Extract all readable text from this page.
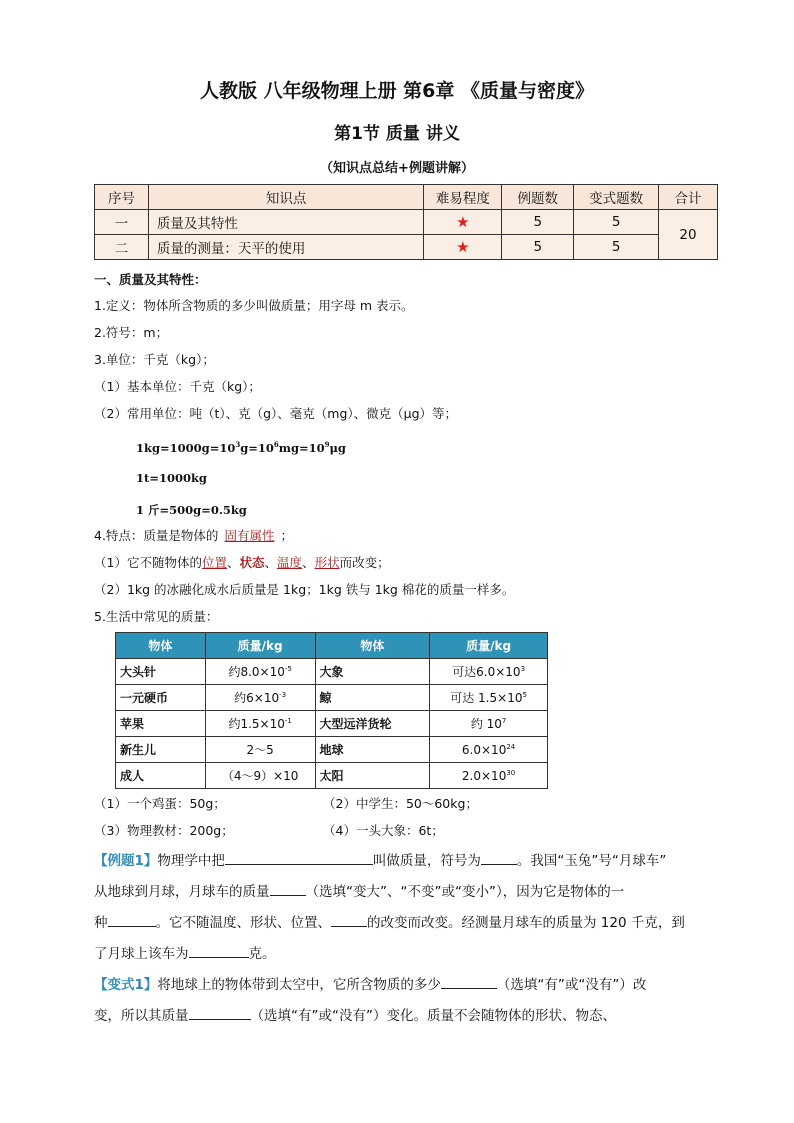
人教版 八年级物理上册 第6章 《质量与密度》
第1节 质量 讲义
（知识点总结+例题讲解）
序号	知识点	难易程度	例题数	变式题数	合计
一	质量及其特性	★	5	5	20
二	质量的测量：天平的使用	★	5	5	
一、质量及其特性：
1.定义：物体所含物质的多少叫做质量；用字母 m 表示。
2.符号：m；
3.单位：千克（kg）；
（1）基本单位：千克（kg）；
（2）常用单位：吨（t）、克（g）、毫克（mg）、微克（μg）等；
$1kg=1000g=10^3g=10^6mg=10^9\mu g$
1t=1000kg
1 斤=500g=0.5kg
4.特点：质量是物体的 固有属性 ；
（1）它不随物体的位置、状态、温度、形状而改变；
（2）1kg 的冰融化成水后质量是 1kg；1kg 铁与 1kg 棉花的质量一样多。
5.生活中常见的质量：
物体	质量/kg	物体	质量/kg
大头针	约$8.0\times 10^{-5}$	大象	可达$6.0\times 10^3$
一元硬币	约$6\times 10^{-3}$	鲸	可达 $1.5\times 10^5$
苹果	约$1.5\times 10^{-1}$	大型远洋货轮	约 $10^7$
新生儿	2～5	地球	$6.0\times 10^{24}$
成人	（4～9）×10	太阳	$2.0\times 10^{30}$
（1）一个鸡蛋：50g；	（2）中学生：50～60kg；
（3）物理教材：200g；	（4）一头大象：6t；
【例题1】物理学中把	叫做质量，符号为	。我国“玉兔”号“月球车”
从地球到月球，月球车的质量	（选填“变大”、“不变”或“变小”），因为它是物体的一
种	。它不随温度、形状、位置、	的改变而改变。经测量月球车的质量为 120 千克，到
了月球上该车为	克。
【变式1】将地球上的物体带到太空中，它所含物质的多少	（选填“有”或“没有”）改
变，所以其质量	（选填“有”或“没有”）变化。质量不会随物体的形状、物态、
